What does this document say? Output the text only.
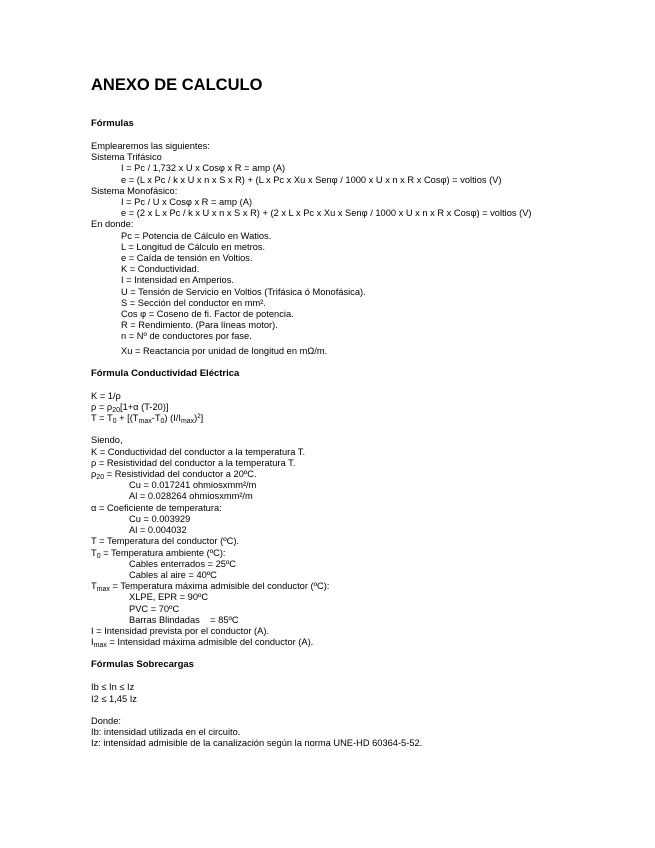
ANEXO DE CALCULO
Fórmulas
Emplearemos las siguientes:
Sistema Trifásico
I = Pc / 1,732 x U x Cosφ x R = amp (A)
e = (L x Pc / k x U x n x S x R) + (L x Pc x Xu x Senφ / 1000 x U x n x R x Cosφ) = voltios (V)
Sistema Monofásico:
I = Pc / U x Cosφ x R = amp (A)
e = (2 x L x Pc / k x U x n x S x R) + (2 x L x Pc x Xu x Senφ / 1000 x U x n x R x Cosφ) = voltios (V)
En donde:
Pc = Potencia de Cálculo en Watios.
L = Longitud de Cálculo en metros.
e = Caída de tensión en Voltios.
K = Conductividad.
I = Intensidad en Amperios.
U = Tensión de Servicio en Voltios (Trifásica ó Monofásica).
S = Sección del conductor en mm².
Cos φ = Coseno de fi. Factor de potencia.
R = Rendimiento. (Para líneas motor).
n = Nº de conductores por fase.
Xu = Reactancia por unidad de longitud en mΩ/m.
Fórmula Conductividad Eléctrica
K = 1/ρ
$\rho = \rho_{20}[1+\alpha$ (T-20)]
$T = T_0 + [(T_{max}-T_0)$ $(I/I_{max})^2$]
Siendo,
K = Conductividad del conductor a la temperatura T.
ρ = Resistividad del conductor a la temperatura T.
$\rho_{20}$ = Resistividad del conductor a 20ºC.
Cu = 0.017241 ohmiosxmm²/m
Al = 0.028264 ohmiosxmm²/m
α = Coeficiente de temperatura:
Cu = 0.003929
Al = 0.004032
T = Temperatura del conductor (ºC).
$T_0$ = Temperatura ambiente (ºC):
Cables enterrados = 25ºC
Cables al aire = 40ºC
$T_{max}$ = Temperatura máxima admisible del conductor (ºC):
XLPE, EPR = 90ºC
PVC = 70ºC
Barras Blindadas    = 85ºC
I = Intensidad prevista por el conductor (A).
$I_{max}$ = Intensidad máxima admisible del conductor (A).
Fórmulas Sobrecargas
Ib ≤ In ≤ Iz
I2 ≤ 1,45 Iz
Donde:
Ib: intensidad utilizada en el circuito.
Iz: intensidad admisible de la canalización según la norma UNE-HD 60364-5-52.
